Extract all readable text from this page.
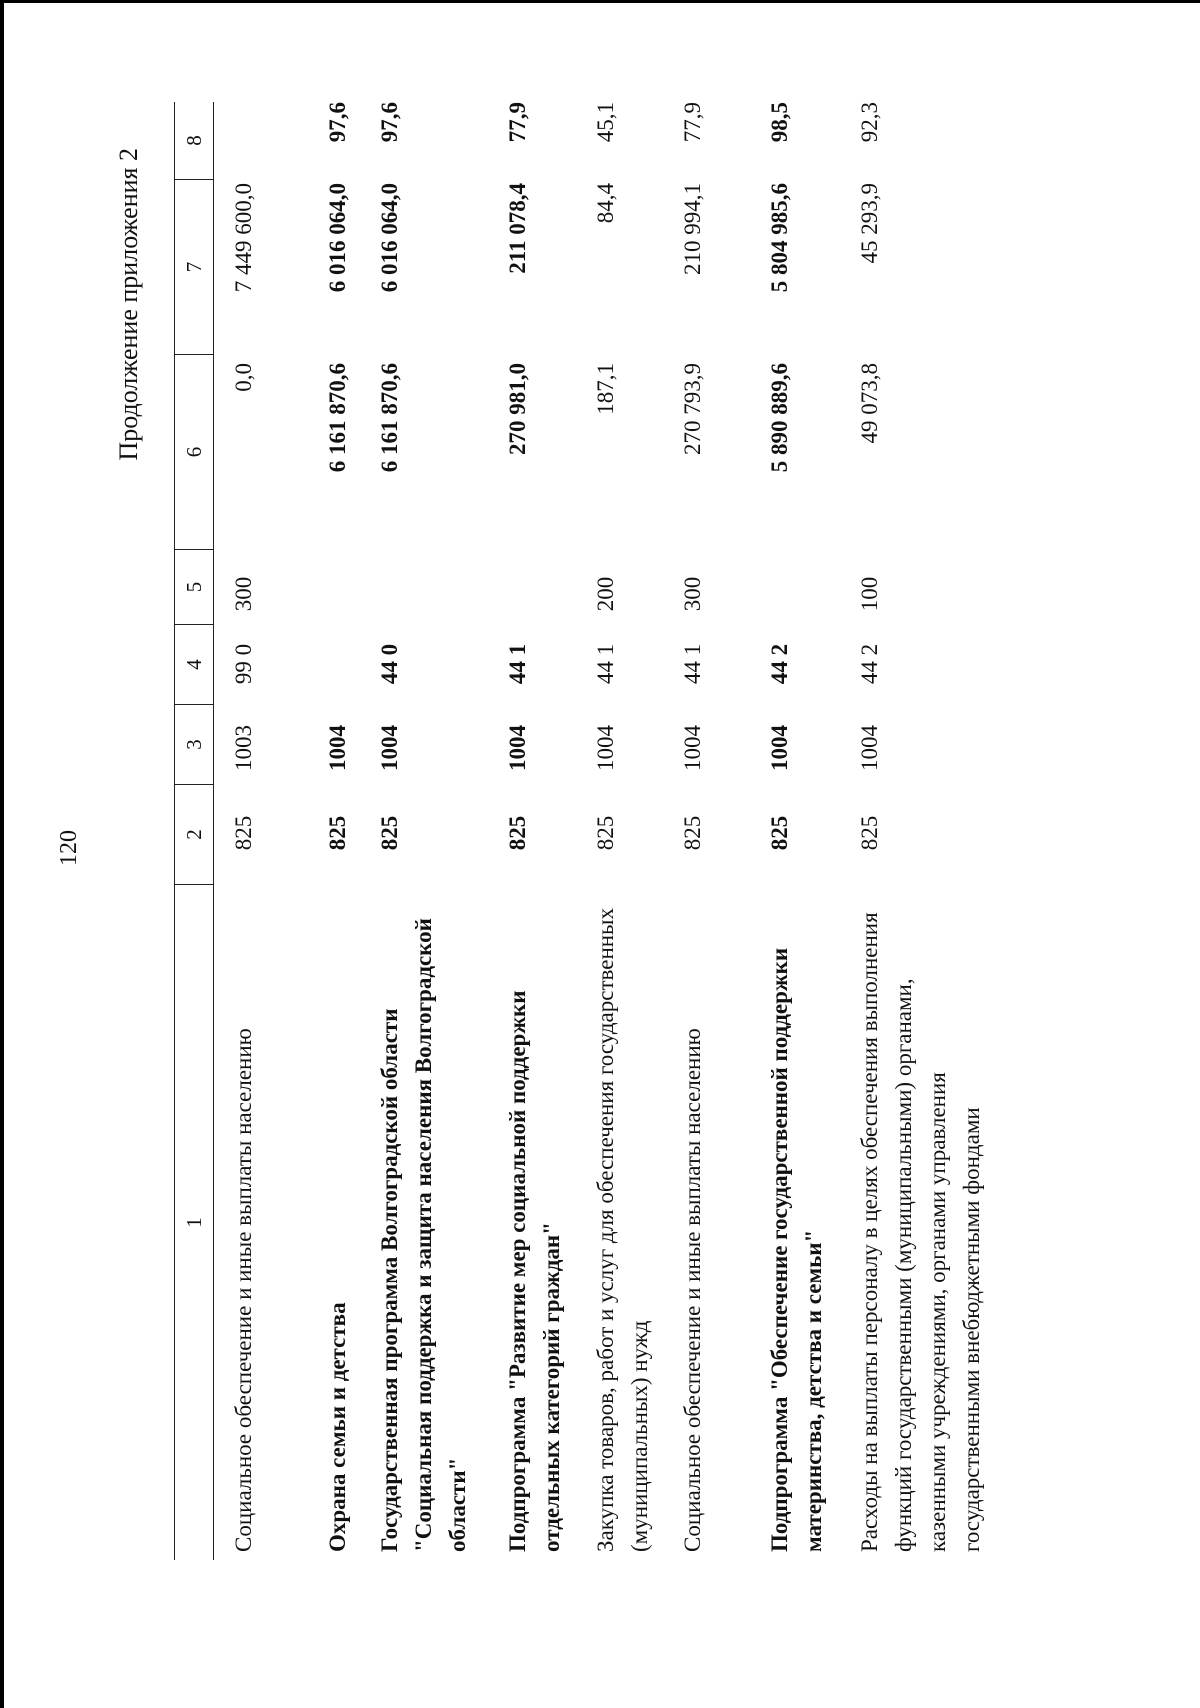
120
Продолжение приложения 2
1
2
3
4
5
6
7
8
Социальное обеспечение и иные выплаты населению
825
1003
99 0
300
0,0
7 449 600,0
Охрана семьи и детства
825
1004
6 161 870,6
6 016 064,0
97,6
Государственная программа Волгоградской области "Социальная поддержка и защита населения Волгоградской области"
825
1004
44 0
6 161 870,6
6 016 064,0
97,6
Подпрограмма "Развитие мер социальной поддержки отдельных категорий граждан"
825
1004
44 1
270 981,0
211 078,4
77,9
Закупка товаров, работ и услуг для обеспечения государственных (муниципальных) нужд
825
1004
44 1
200
187,1
84,4
45,1
Социальное обеспечение и иные выплаты населению
825
1004
44 1
300
270 793,9
210 994,1
77,9
Подпрограмма "Обеспечение государственной поддержки материнства, детства и семьи"
825
1004
44 2
5 890 889,6
5 804 985,6
98,5
Расходы на выплаты персоналу в целях обеспечения выполнения функций государственными (муниципальными) органами, казенными учреждениями, органами управления государственными внебюджетными фондами
825
1004
44 2
100
49 073,8
45 293,9
92,3
